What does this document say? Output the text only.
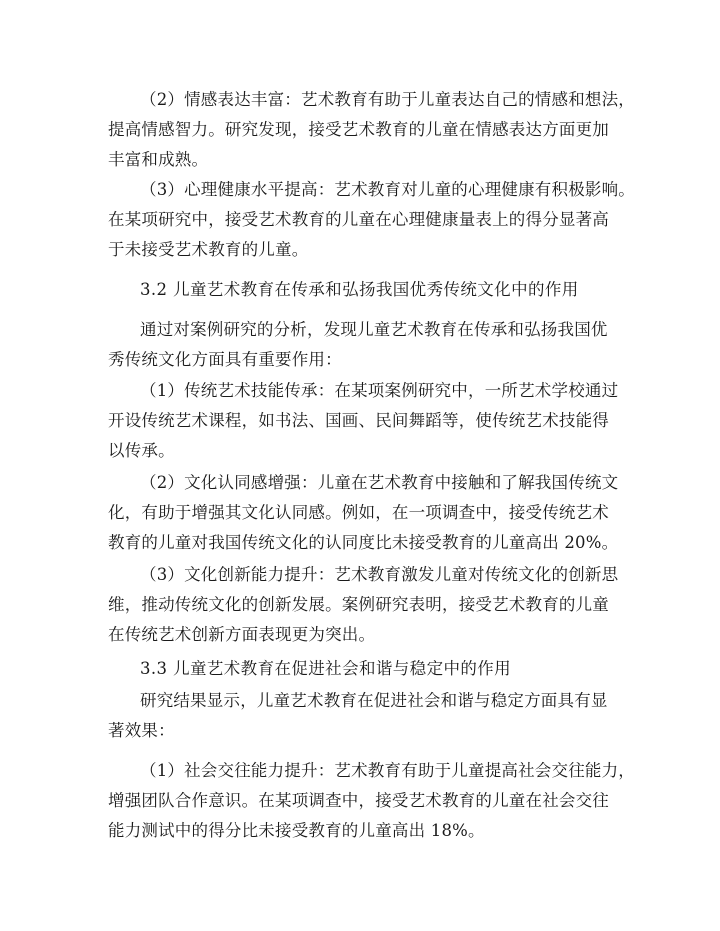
（2）情感表达丰富：艺术教育有助于儿童表达自己的情感和想法，
提高情感智力。研究发现，接受艺术教育的儿童在情感表达方面更加
丰富和成熟。
（3）心理健康水平提高：艺术教育对儿童的心理健康有积极影响。
在某项研究中，接受艺术教育的儿童在心理健康量表上的得分显著高
于未接受艺术教育的儿童。
3.2 儿童艺术教育在传承和弘扬我国优秀传统文化中的作用
通过对案例研究的分析，发现儿童艺术教育在传承和弘扬我国优
秀传统文化方面具有重要作用：
（1）传统艺术技能传承：在某项案例研究中，一所艺术学校通过
开设传统艺术课程，如书法、国画、民间舞蹈等，使传统艺术技能得
以传承。
（2）文化认同感增强：儿童在艺术教育中接触和了解我国传统文
化，有助于增强其文化认同感。例如，在一项调查中，接受传统艺术
教育的儿童对我国传统文化的认同度比未接受教育的儿童高出 20%。
（3）文化创新能力提升：艺术教育激发儿童对传统文化的创新思
维，推动传统文化的创新发展。案例研究表明，接受艺术教育的儿童
在传统艺术创新方面表现更为突出。
3.3 儿童艺术教育在促进社会和谐与稳定中的作用
研究结果显示，儿童艺术教育在促进社会和谐与稳定方面具有显
著效果：
（1）社会交往能力提升：艺术教育有助于儿童提高社会交往能力，
增强团队合作意识。在某项调查中，接受艺术教育的儿童在社会交往
能力测试中的得分比未接受教育的儿童高出 18%。
